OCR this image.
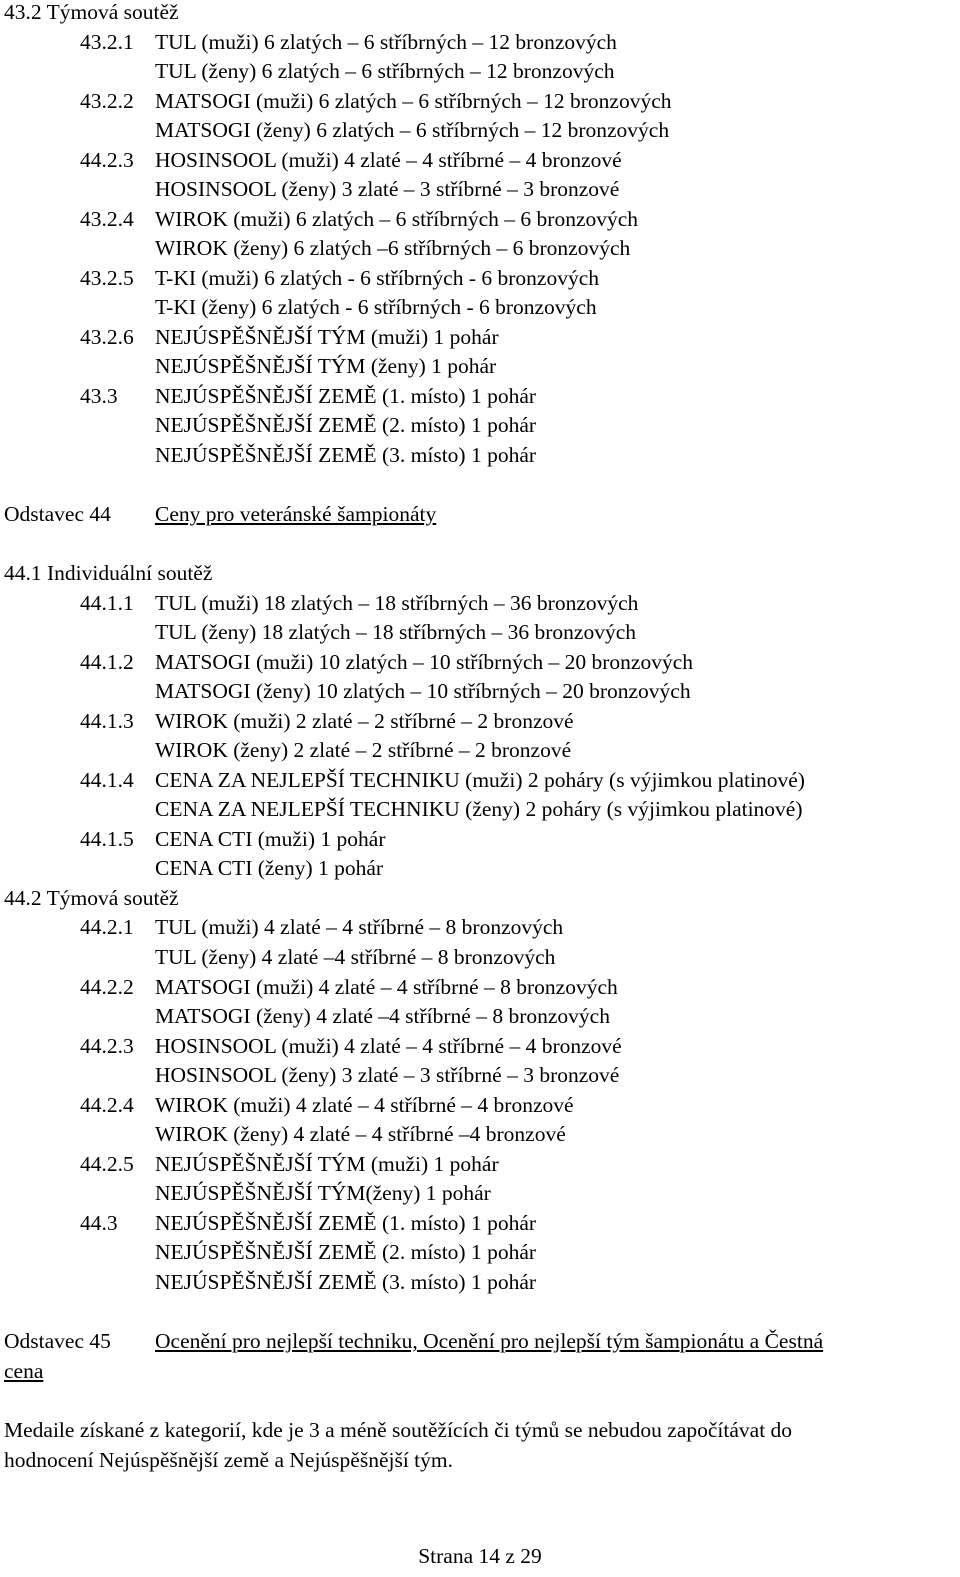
43.2 Týmová soutěž
43.2.1 TUL (muži) 6 zlatých – 6 stříbrných – 12 bronzových
TUL (ženy) 6 zlatých – 6 stříbrných – 12 bronzových
43.2.2 MATSOGI (muži) 6 zlatých – 6 stříbrných – 12 bronzových
MATSOGI (ženy) 6 zlatých – 6 stříbrných – 12 bronzových
44.2.3 HOSINSOOL (muži) 4 zlaté – 4 stříbrné – 4 bronzové
HOSINSOOL (ženy) 3 zlaté – 3 stříbrné – 3 bronzové
43.2.4 WIROK (muži) 6 zlatých – 6 stříbrných – 6 bronzových
WIROK (ženy) 6 zlatých –6 stříbrných – 6 bronzových
43.2.5 T-KI (muži) 6 zlatých - 6 stříbrných - 6 bronzových
T-KI (ženy) 6 zlatých - 6 stříbrných - 6 bronzových
43.2.6 NEJÚSPĚŠNĚJŠÍ TÝM (muži) 1 pohár
NEJÚSPĚŠNĚJŠÍ TÝM (ženy) 1 pohár
43.3 NEJÚSPĚŠNĚJŠÍ ZEMĚ (1. místo) 1 pohár
NEJÚSPĚŠNĚJŠÍ ZEMĚ (2. místo) 1 pohár
NEJÚSPĚŠNĚJŠÍ ZEMĚ (3. místo) 1 pohár
Odstavec 44 Ceny pro veteránské šampionáty
44.1 Individuální soutěž
44.1.1 TUL (muži) 18 zlatých – 18 stříbrných – 36 bronzových
TUL (ženy) 18 zlatých – 18 stříbrných – 36 bronzových
44.1.2 MATSOGI (muži) 10 zlatých – 10 stříbrných – 20 bronzových
MATSOGI (ženy) 10 zlatých – 10 stříbrných – 20 bronzových
44.1.3 WIROK (muži) 2 zlaté – 2 stříbrné – 2 bronzové
WIROK (ženy) 2 zlaté – 2 stříbrné – 2 bronzové
44.1.4 CENA ZA NEJLEPŠÍ TECHNIKU (muži) 2 poháry (s výjimkou platinové)
CENA ZA NEJLEPŠÍ TECHNIKU (ženy) 2 poháry (s výjimkou platinové)
44.1.5 CENA CTI (muži) 1 pohár
CENA CTI (ženy) 1 pohár
44.2 Týmová soutěž
44.2.1 TUL (muži) 4 zlaté – 4 stříbrné – 8 bronzových
TUL (ženy) 4 zlaté –4 stříbrné – 8 bronzových
44.2.2 MATSOGI (muži) 4 zlaté – 4 stříbrné – 8 bronzových
MATSOGI (ženy) 4 zlaté –4 stříbrné – 8 bronzových
44.2.3 HOSINSOOL (muži) 4 zlaté – 4 stříbrné – 4 bronzové
HOSINSOOL (ženy) 3 zlaté – 3 stříbrné – 3 bronzové
44.2.4 WIROK (muži) 4 zlaté – 4 stříbrné – 4 bronzové
WIROK (ženy) 4 zlaté – 4 stříbrné –4 bronzové
44.2.5 NEJÚSPĚŠNĚJŠÍ TÝM (muži) 1 pohár
NEJÚSPĚŠNĚJŠÍ TÝM(ženy) 1 pohár
44.3 NEJÚSPĚŠNĚJŠÍ ZEMĚ (1. místo) 1 pohár
NEJÚSPĚŠNĚJŠÍ ZEMĚ (2. místo) 1 pohár
NEJÚSPĚŠNĚJŠÍ ZEMĚ (3. místo) 1 pohár
Odstavec 45 Ocenění pro nejlepší techniku, Ocenění pro nejlepší tým šampionátu a Čestná
cena
Medaile získané z kategorií, kde je 3 a méně soutěžících či týmů se nebudou započítávat do
hodnocení Nejúspěšnější země a Nejúspěšnější tým.
Strana 14 z 29
